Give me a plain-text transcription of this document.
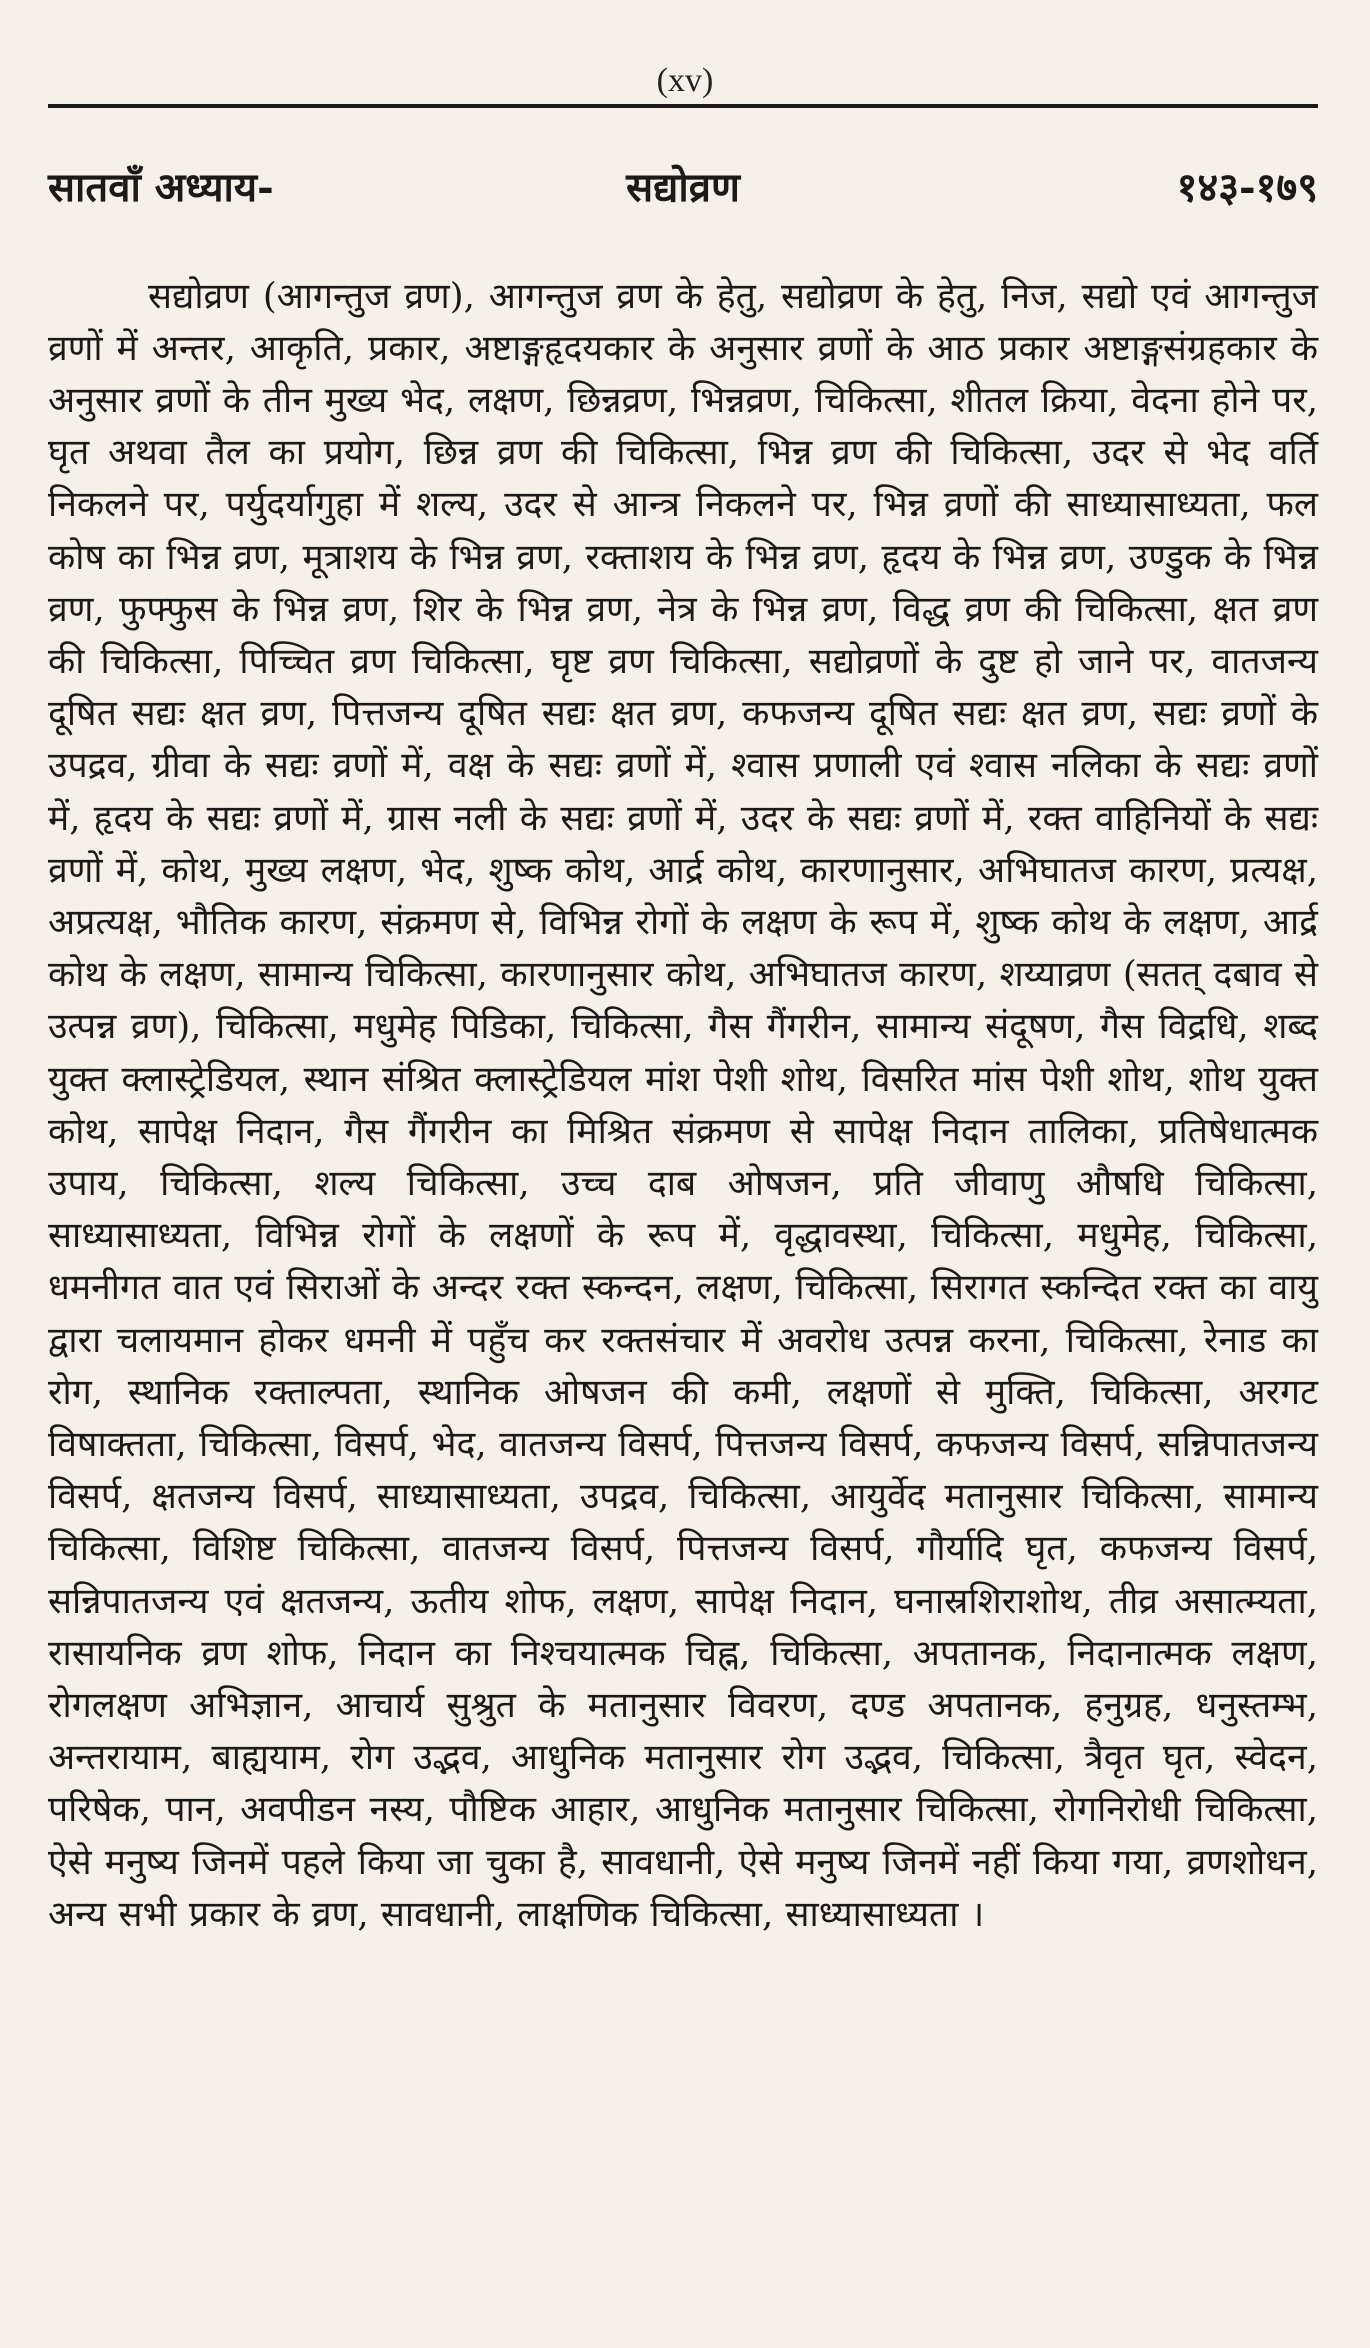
(xv)
सातवाँ अध्याय-	सद्योव्रण	१४३-१७९

सद्योव्रण (आगन्तुज व्रण), आगन्तुज व्रण के हेतु, सद्योव्रण के हेतु, निज, सद्यो एवं आगन्तुज व्रणों में अन्तर, आकृति, प्रकार, अष्टाङ्गहृदयकार के अनुसार व्रणों के आठ प्रकार अष्टाङ्गसंग्रहकार के अनुसार व्रणों के तीन मुख्य भेद, लक्षण, छिन्नव्रण, भिन्नव्रण, चिकित्सा, शीतल क्रिया, वेदना होने पर, घृत अथवा तैल का प्रयोग, छिन्न व्रण की चिकित्सा, भिन्न व्रण की चिकित्सा, उदर से भेद वर्ति निकलने पर, पर्युदर्यागुहा में शल्य, उदर से आन्त्र निकलने पर, भिन्न व्रणों की साध्यासाध्यता, फल कोष का भिन्न व्रण, मूत्राशय के भिन्न व्रण, रक्ताशय के भिन्न व्रण, हृदय के भिन्न व्रण, उण्डुक के भिन्न व्रण, फुफ्फुस के भिन्न व्रण, शिर के भिन्न व्रण, नेत्र के भिन्न व्रण, विद्ध व्रण की चिकित्सा, क्षत व्रण की चिकित्सा, पिच्चित व्रण चिकित्सा, घृष्ट व्रण चिकित्सा, सद्योव्रणों के दुष्ट हो जाने पर, वातजन्य दूषित सद्यः क्षत व्रण, पित्तजन्य दूषित सद्यः क्षत व्रण, कफजन्य दूषित सद्यः क्षत व्रण, सद्यः व्रणों के उपद्रव, ग्रीवा के सद्यः व्रणों में, वक्ष के सद्यः व्रणों में, श्वास प्रणाली एवं श्वास नलिका के सद्यः व्रणों में, हृदय के सद्यः व्रणों में, ग्रास नली के सद्यः व्रणों में, उदर के सद्यः व्रणों में, रक्त वाहिनियों के सद्यः व्रणों में, कोथ, मुख्य लक्षण, भेद, शुष्क कोथ, आर्द्र कोथ, कारणानुसार, अभिघातज कारण, प्रत्यक्ष, अप्रत्यक्ष, भौतिक कारण, संक्रमण से, विभिन्न रोगों के लक्षण के रूप में, शुष्क कोथ के लक्षण, आर्द्र कोथ के लक्षण, सामान्य चिकित्सा, कारणानुसार कोथ, अभिघातज कारण, शय्याव्रण (सतत् दबाव से उत्पन्न व्रण), चिकित्सा, मधुमेह पिडिका, चिकित्सा, गैस गैंगरीन, सामान्य संदूषण, गैस विद्रधि, शब्द युक्त क्लास्ट्रेडियल, स्थान संश्रित क्लास्ट्रेडियल मांश पेशी शोथ, विसरित मांस पेशी शोथ, शोथ युक्त कोथ, सापेक्ष निदान, गैस गैंगरीन का मिश्रित संक्रमण से सापेक्ष निदान तालिका, प्रतिषेधात्मक उपाय, चिकित्सा, शल्य चिकित्सा, उच्च दाब ओषजन, प्रति जीवाणु औषधि चिकित्सा, साध्यासाध्यता, विभिन्न रोगों के लक्षणों के रूप में, वृद्धावस्था, चिकित्सा, मधुमेह, चिकित्सा, धमनीगत वात एवं सिराओं के अन्दर रक्त स्कन्दन, लक्षण, चिकित्सा, सिरागत स्कन्दित रक्त का वायु द्वारा चलायमान होकर धमनी में पहुँच कर रक्तसंचार में अवरोध उत्पन्न करना, चिकित्सा, रेनाड का रोग, स्थानिक रक्ताल्पता, स्थानिक ओषजन की कमी, लक्षणों से मुक्ति, चिकित्सा, अरगट विषाक्तता, चिकित्सा, विसर्प, भेद, वातजन्य विसर्प, पित्तजन्य विसर्प, कफजन्य विसर्प, सन्निपातजन्य विसर्प, क्षतजन्य विसर्प, साध्यासाध्यता, उपद्रव, चिकित्सा, आयुर्वेद मतानुसार चिकित्सा, सामान्य चिकित्सा, विशिष्ट चिकित्सा, वातजन्य विसर्प, पित्तजन्य विसर्प, गौर्यादि घृत, कफजन्य विसर्प, सन्निपातजन्य एवं क्षतजन्य, ऊतीय शोफ, लक्षण, सापेक्ष निदान, घनास्रशिराशोथ, तीव्र असात्म्यता, रासायनिक व्रण शोफ, निदान का निश्चयात्मक चिह्न, चिकित्सा, अपतानक, निदानात्मक लक्षण, रोगलक्षण अभिज्ञान, आचार्य सुश्रुत के मतानुसार विवरण, दण्ड अपतानक, हनुग्रह, धनुस्तम्भ, अन्तरायाम, बाह्ययाम, रोग उद्भव, आधुनिक मतानुसार रोग उद्भव, चिकित्सा, त्रैवृत घृत, स्वेदन, परिषेक, पान, अवपीडन नस्य, पौष्टिक आहार, आधुनिक मतानुसार चिकित्सा, रोगनिरोधी चिकित्सा, ऐसे मनुष्य जिनमें पहले किया जा चुका है, सावधानी, ऐसे मनुष्य जिनमें नहीं किया गया, व्रणशोधन, अन्य सभी प्रकार के व्रण, सावधानी, लाक्षणिक चिकित्सा, साध्यासाध्यता ।
